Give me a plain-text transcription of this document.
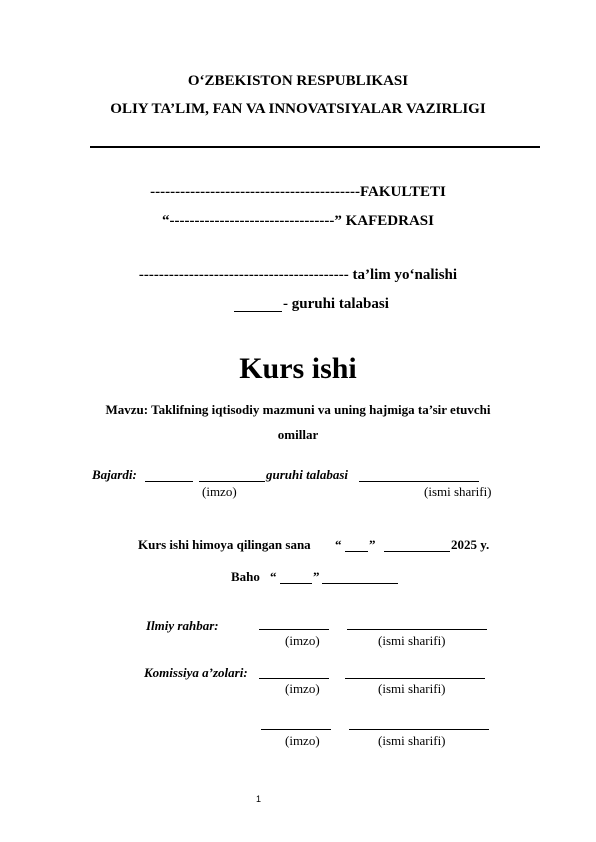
O‘ZBEKISTON RESPUBLIKASI
OLIY TA’LIM, FAN VA INNOVATSIYALAR VAZIRLIGI
------------------------------------------FAKULTETI
“---------------------------------” KAFEDRASI
------------------------------------------ ta’lim yo‘nalishi
- guruhi talabasi
Kurs ishi
Mavzu: Taklifning iqtisodiy mazmuni va uning hajmiga ta’sir etuvchi
omillar
Bajardi:	guruhi talabasi
(imzo)	(ismi sharifi)
Kurs ishi himoya qilingan sana “ ”	2025 y.
Baho “	”
Ilmiy rahbar:
(imzo)	(ismi sharifi)
Komissiya a’zolari:
(imzo)	(ismi sharifi)
(imzo)	(ismi sharifi)
1
